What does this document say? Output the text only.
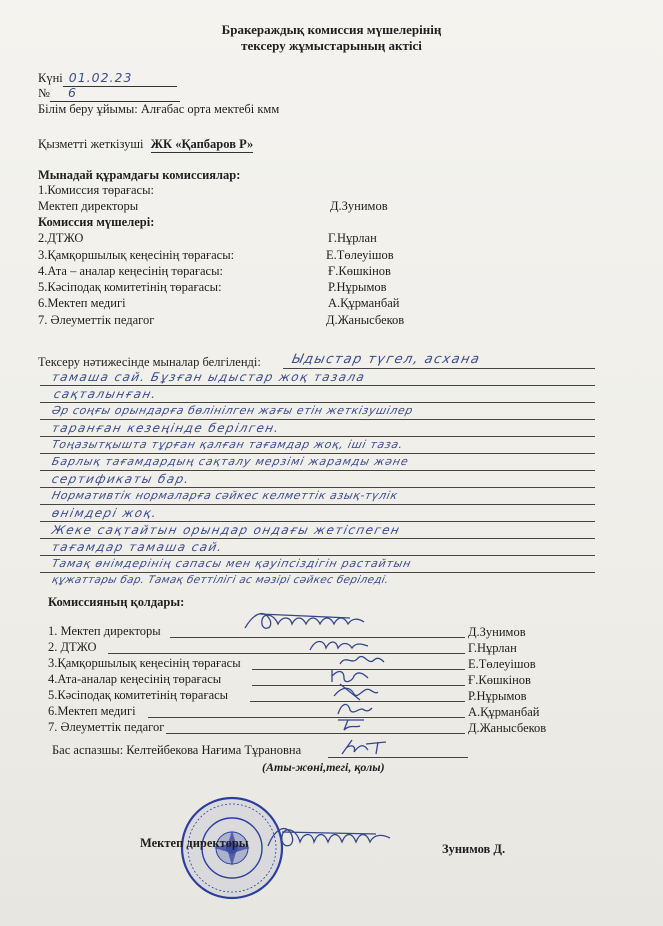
Бракераждық комиссия мүшелерінің
тексеру жұмыстарының актісі
Күні 01.02.23
№ 6
Білім беру ұйымы: Алғабас орта мектебі кмм
Қызметті жеткізуші ЖК «Қапбаров Р»
Мынадай құрамдағы комиссиялар:
1.Комиссия төрағасы:
Мектеп директоры	Д.Зунимов
Комиссия мүшелері:
2.ДТЖО	Г.Нұрлан
3.Қамқоршылық кеңесінің төрағасы:	Е.Төлеуішов
4.Ата – аналар кеңесінің төрағасы:	Ғ.Көшкінов
5.Кәсіподақ комитетінің төрағасы:	Р.Нұрымов
6.Мектеп медигі	А.Құрманбай
7. Әлеуметтік педагог	Д.Жанысбеков
Тексеру нәтижесінде мыналар белгіленді: Ыдыстар түгел, асхана
тамаша сай. Бұзған ыдыстар жоқ тазала
сақталынған.
Әр соңғы орындарға бөлінілген жағы етін жеткізушілер
таранған кезеңінде берілген.
Тоңазытқышта тұрған қалған тағамдар жоқ, іші таза.
Барлық тағамдардың сақталу мерзімі жарамды және
сертификаты бар.
Нормативтік нормаларға сәйкес келметтік азық-түлік
өнімдері жоқ.
Жеке сақтайтын орындар ондағы жетіспеген
тағамдар тамаша сай.
Тамақ өнімдерінің сапасы мен қауіпсіздігін растайтын
құжаттары бар. Тамақ беттілігі ас мәзірі сәйкес беріледі.
Комиссияның қолдары:
1. Мектеп директоры	Д.Зунимов
2. ДТЖО	Г.Нұрлан
3.Қамқоршылық кеңесінің төрағасы	Е.Төлеуішов
4.Ата-аналар кеңесінің төрағасы	Ғ.Көшкінов
5.Кәсіподақ комитетінің төрағасы	Р.Нұрымов
6.Мектеп медигі	А.Құрманбай
7. Әлеуметтік педагог	Д.Жанысбеков
Бас аспазшы: Келтейбекова Нағима Тұрановна
(Аты-жөні,тегі, қолы)
Мектеп директоры	Зунимов Д.
